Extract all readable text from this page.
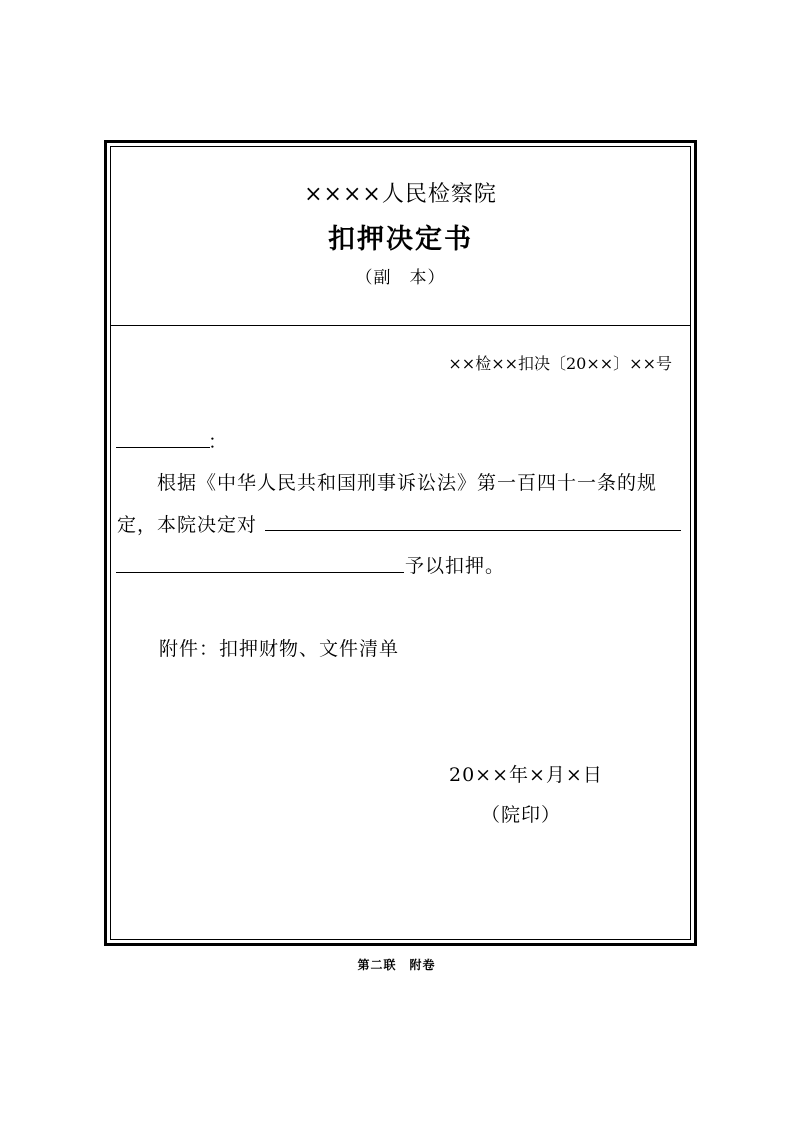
××××人民检察院
扣押决定书
（副　本）
××检××扣决〔20××〕××号
：
根据《中华人民共和国刑事诉讼法》第一百四十一条的规
定，本院决定对
予以扣押。
附件：扣押财物、文件清单
20××年×月×日
（院印）
第二联　附卷
